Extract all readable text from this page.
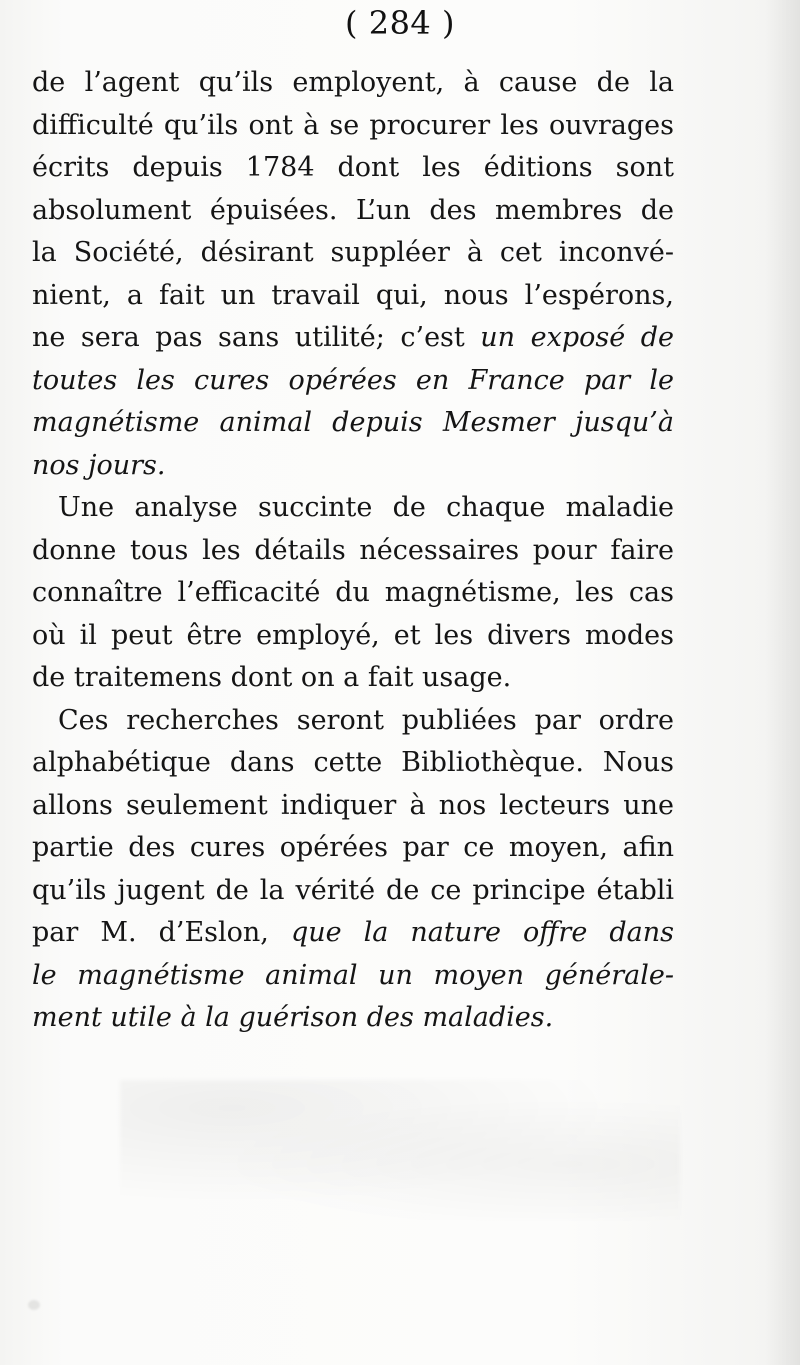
( 284 )
de l’agent qu’ils employent, à cause de la
difficulté qu’ils ont à se procurer les ouvrages
écrits depuis 1784 dont les éditions sont
absolument épuisées. L’un des membres de
la Société, désirant suppléer à cet inconvé-
nient, a fait un travail qui, nous l’espérons,
ne sera pas sans utilité; c’est un exposé de
toutes les cures opérées en France par le
magnétisme animal depuis Mesmer jusqu’à
nos jours.
Une analyse succinte de chaque maladie
donne tous les détails nécessaires pour faire
connaître l’efficacité du magnétisme, les cas
où il peut être employé, et les divers modes
de traitemens dont on a fait usage.
Ces recherches seront publiées par ordre
alphabétique dans cette Bibliothèque. Nous
allons seulement indiquer à nos lecteurs une
partie des cures opérées par ce moyen, afin
qu’ils jugent de la vérité de ce principe établi
par M. d’Eslon, que la nature offre dans
le magnétisme animal un moyen générale-
ment utile à la guérison des maladies.
